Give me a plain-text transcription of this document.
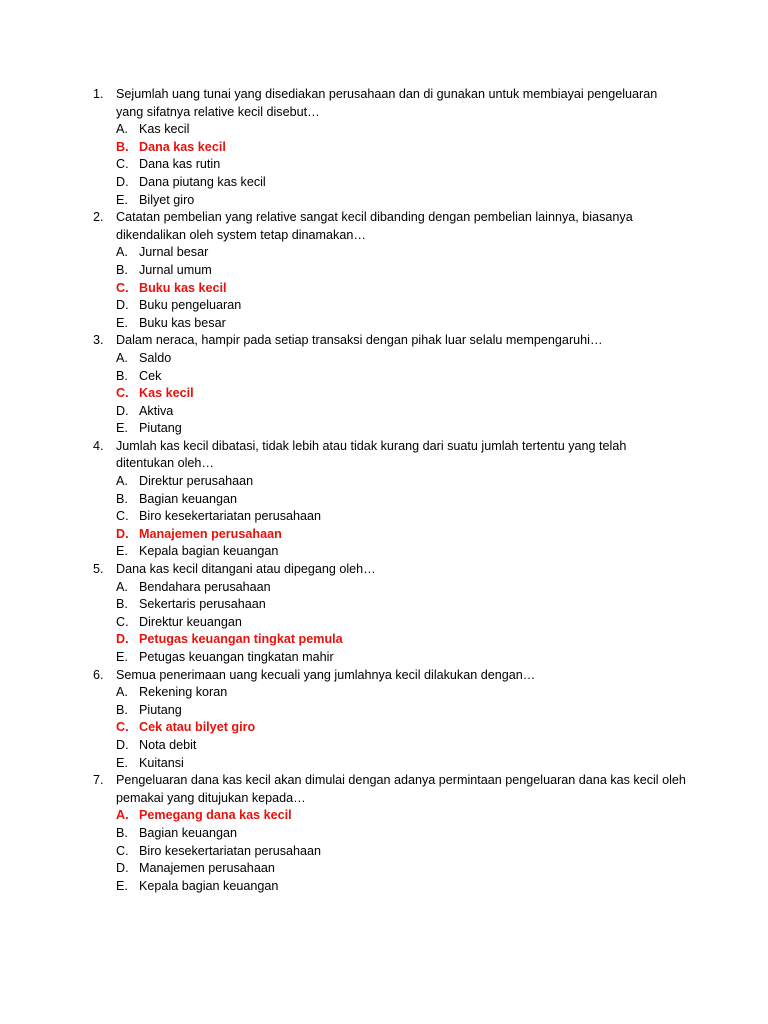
1. Sejumlah uang tunai yang disediakan perusahaan dan di gunakan untuk membiayai pengeluaran yang sifatnya relative kecil disebut…
A. Kas kecil
B. Dana kas kecil
C. Dana kas rutin
D. Dana piutang kas kecil
E. Bilyet giro
2. Catatan pembelian yang relative sangat kecil dibanding dengan pembelian lainnya, biasanya dikendalikan oleh system tetap dinamakan…
A. Jurnal besar
B. Jurnal umum
C. Buku kas kecil
D. Buku pengeluaran
E. Buku kas besar
3. Dalam neraca, hampir pada setiap transaksi dengan pihak luar selalu mempengaruhi…
A. Saldo
B. Cek
C. Kas kecil
D. Aktiva
E. Piutang
4. Jumlah kas kecil dibatasi, tidak lebih atau tidak kurang dari suatu jumlah tertentu yang telah ditentukan oleh…
A. Direktur perusahaan
B. Bagian keuangan
C. Biro kesekertariatan perusahaan
D. Manajemen perusahaan
E. Kepala bagian keuangan
5. Dana kas kecil ditangani atau dipegang oleh…
A. Bendahara perusahaan
B. Sekertaris perusahaan
C. Direktur keuangan
D. Petugas keuangan tingkat pemula
E. Petugas keuangan tingkatan mahir
6. Semua penerimaan uang kecuali yang jumlahnya kecil dilakukan dengan…
A. Rekening koran
B. Piutang
C. Cek atau bilyet giro
D. Nota debit
E. Kuitansi
7. Pengeluaran dana kas kecil akan dimulai dengan adanya permintaan pengeluaran dana kas kecil oleh pemakai yang ditujukan kepada…
A. Pemegang dana kas kecil
B. Bagian keuangan
C. Biro kesekertariatan perusahaan
D. Manajemen perusahaan
E. Kepala bagian keuangan
